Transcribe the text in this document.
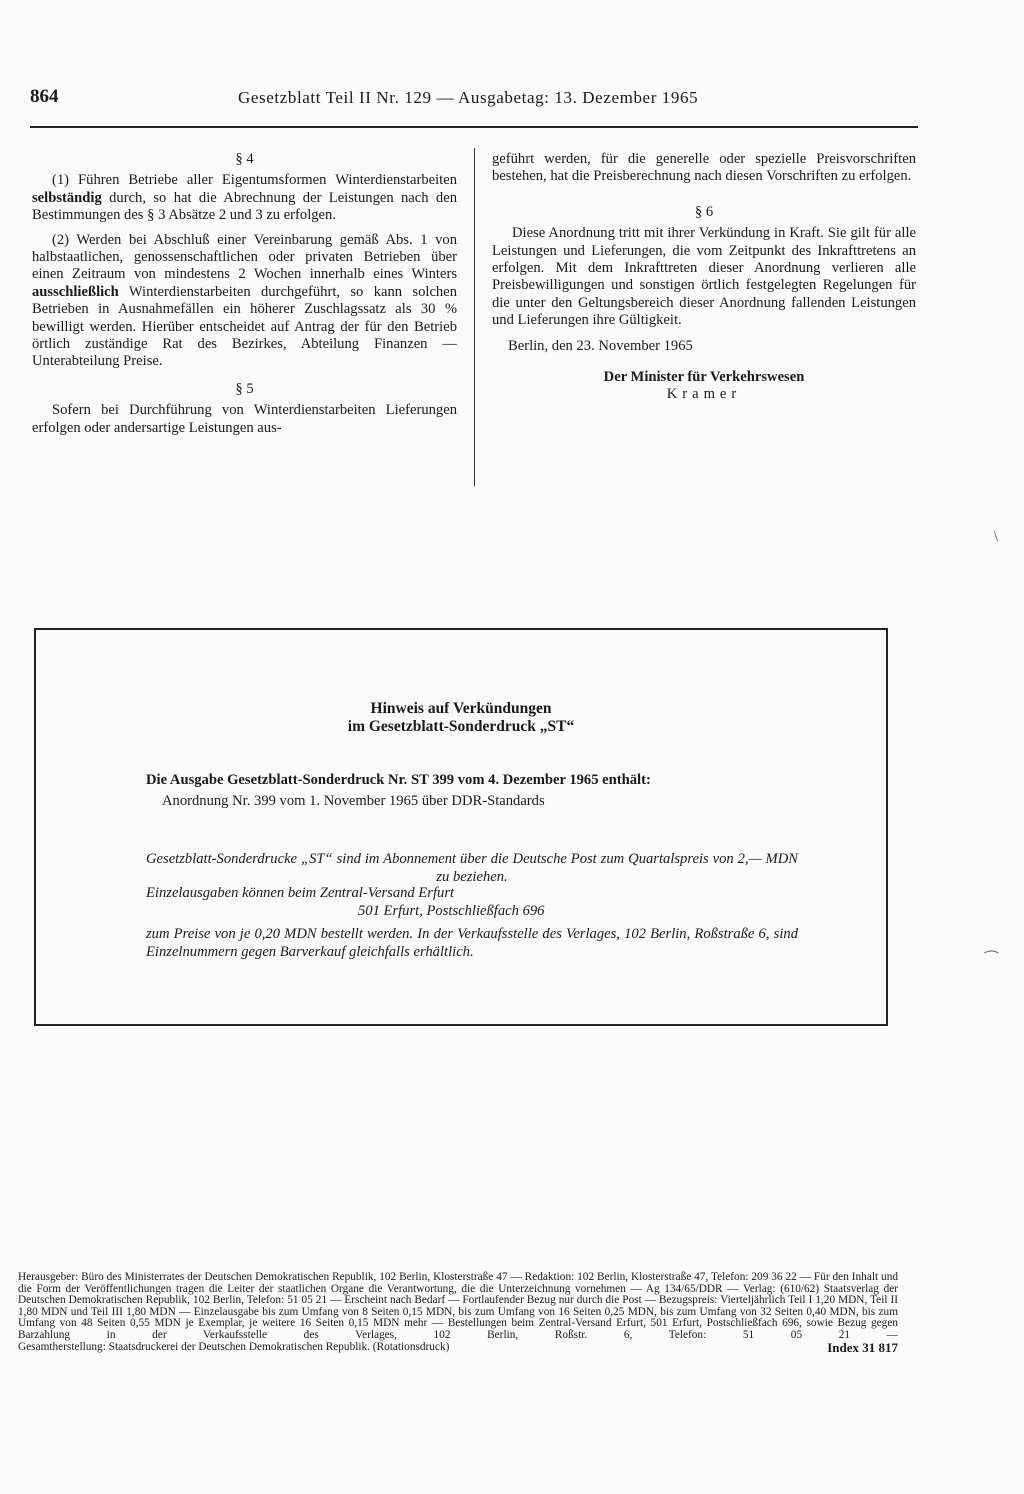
864	Gesetzblatt Teil II Nr. 129 — Ausgabetag: 13. Dezember 1965

§ 4

(1) Führen Betriebe aller Eigentumsformen Winterdienstarbeiten selbständig durch, so hat die Abrechnung der Leistungen nach den Bestimmungen des § 3 Absätze 2 und 3 zu erfolgen.

(2) Werden bei Abschluß einer Vereinbarung gemäß Abs. 1 von halbstaatlichen, genossenschaftlichen oder privaten Betrieben über einen Zeitraum von mindestens 2 Wochen innerhalb eines Winters ausschließlich Winterdienstarbeiten durchgeführt, so kann solchen Betrieben in Ausnahmefällen ein höherer Zuschlagssatz als 30 % bewilligt werden. Hierüber entscheidet auf Antrag der für den Betrieb örtlich zuständige Rat des Bezirkes, Abteilung Finanzen — Unterabteilung Preise.

§ 5

Sofern bei Durchführung von Winterdienstarbeiten Lieferungen erfolgen oder andersartige Leistungen aus-

geführt werden, für die generelle oder spezielle Preisvorschriften bestehen, hat die Preisberechnung nach diesen Vorschriften zu erfolgen.

§ 6

Diese Anordnung tritt mit ihrer Verkündung in Kraft. Sie gilt für alle Leistungen und Lieferungen, die vom Zeitpunkt des Inkrafttretens an erfolgen. Mit dem Inkrafttreten dieser Anordnung verlieren alle Preisbewilligungen und sonstigen örtlich festgelegten Regelungen für die unter den Geltungsbereich dieser Anordnung fallenden Leistungen und Lieferungen ihre Gültigkeit.

Berlin, den 23. November 1965

Der Minister für Verkehrswesen

Kramer

﹨
⁀
Hinweis auf Verkündungen
im Gesetzblatt-Sonderdruck „ST“
Die Ausgabe Gesetzblatt-Sonderdruck Nr. ST 399 vom 4. Dezember 1965 enthält:
Anordnung Nr. 399 vom 1. November 1965 über DDR-Standards
Gesetzblatt-Sonderdrucke „ST“ sind im Abonnement über die Deutsche Post zum Quartalspreis von 2,— MDN zu beziehen.
Einzelausgaben können beim Zentral-Versand Erfurt
501 Erfurt, Postschließfach 696
zum Preise von je 0,20 MDN bestellt werden. In der Verkaufsstelle des Verlages, 102 Berlin, Roßstraße 6, sind Einzelnummern gegen Barverkauf gleichfalls erhältlich.
Herausgeber: Büro des Ministerrates der Deutschen Demokratischen Republik, 102 Berlin, Klosterstraße 47 — Redaktion: 102 Berlin, Klosterstraße 47, Telefon: 209 36 22 — Für den Inhalt und die Form der Veröffentlichungen tragen die Leiter der staatlichen Organe die Verantwortung, die die Unterzeichnung vornehmen — Ag 134/65/DDR — Verlag: (610/62) Staatsverlag der Deutschen Demokratischen Republik, 102 Berlin, Telefon: 51 05 21 — Erscheint nach Bedarf — Fortlaufender Bezug nur durch die Post — Bezugspreis: Vierteljährlich Teil I 1,20 MDN, Teil II 1,80 MDN und Teil III 1,80 MDN — Einzelausgabe bis zum Umfang von 8 Seiten 0,15 MDN, bis zum Umfang von 16 Seiten 0,25 MDN, bis zum Umfang von 32 Seiten 0,40 MDN, bis zum Umfang von 48 Seiten 0,55 MDN je Exemplar, je weitere 16 Seiten 0,15 MDN mehr — Bestellungen beim Zentral-Versand Erfurt, 501 Erfurt, Postschließfach 696, sowie Bezug gegen Barzahlung in der Verkaufsstelle des Verlages, 102 Berlin, Roßstr. 6, Telefon: 51 05 21 —
Gesamtherstellung: Staatsdruckerei der Deutschen Demokratischen Republik. (Rotationsdruck)	Index 31 817
